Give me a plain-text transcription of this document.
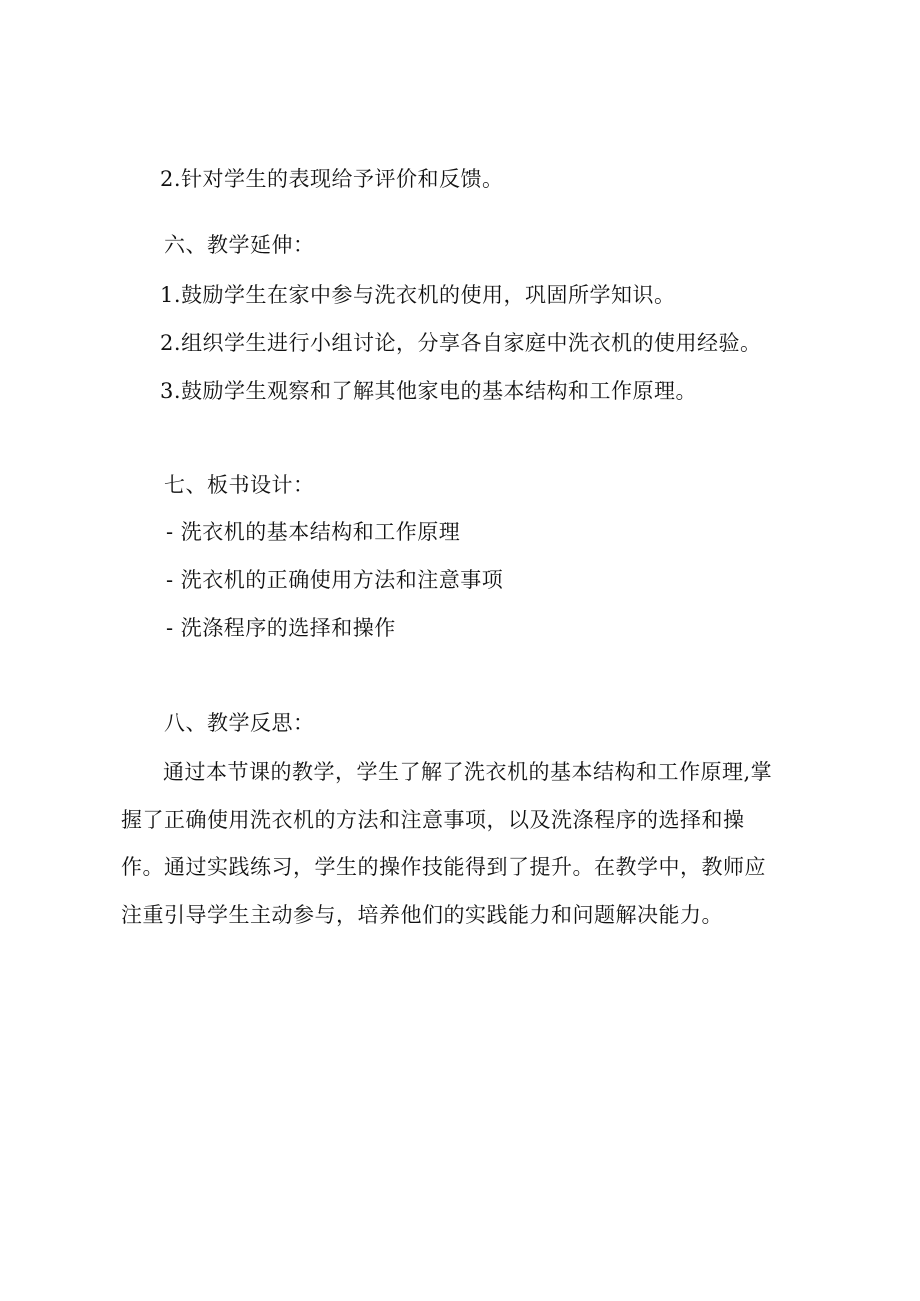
2.针对学生的表现给予评价和反馈。
六、教学延伸：
1.鼓励学生在家中参与洗衣机的使用，巩固所学知识。
2.组织学生进行小组讨论，分享各自家庭中洗衣机的使用经验。
3.鼓励学生观察和了解其他家电的基本结构和工作原理。
七、板书设计：
- 洗衣机的基本结构和工作原理
- 洗衣机的正确使用方法和注意事项
- 洗涤程序的选择和操作
八、教学反思：
通过本节课的教学，学生了解了洗衣机的基本结构和工作原理,掌
握了正确使用洗衣机的方法和注意事项，以及洗涤程序的选择和操
作。通过实践练习，学生的操作技能得到了提升。在教学中，教师应
注重引导学生主动参与，培养他们的实践能力和问题解决能力。
